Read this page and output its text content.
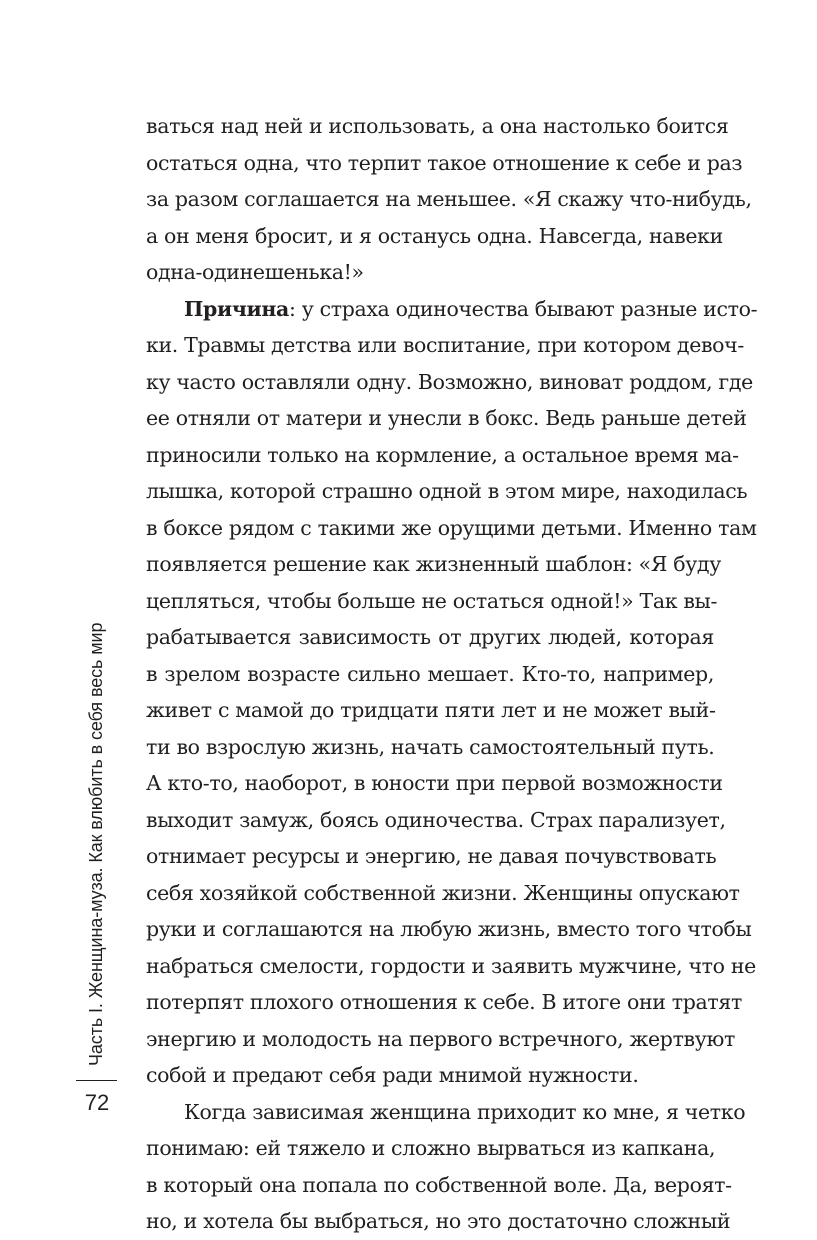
ваться над ней и использовать, а она настолько боится
остаться одна, что терпит такое отношение к себе и раз
за разом соглашается на меньшее. «Я скажу что-нибудь,
а он меня бросит, и я останусь одна. Навсегда, навеки
одна-одинешенька!»
Причина: у страха одиночества бывают разные исто-
ки. Травмы детства или воспитание, при котором девоч-
ку часто оставляли одну. Возможно, виноват роддом, где
ее отняли от матери и унесли в бокс. Ведь раньше детей
приносили только на кормление, а остальное время ма-
лышка, которой страшно одной в этом мире, находилась
в боксе рядом с такими же орущими детьми. Именно там
появляется решение как жизненный шаблон: «Я буду
цепляться, чтобы больше не остаться одной!» Так вы-
рабатывается зависимость от других людей, которая
в зрелом возрасте сильно мешает. Кто-то, например,
живет с мамой до тридцати пяти лет и не может вый-
ти во взрослую жизнь, начать самостоятельный путь.
А кто-то, наоборот, в юности при первой возможности
выходит замуж, боясь одиночества. Страх парализует,
отнимает ресурсы и энергию, не давая почувствовать
себя хозяйкой собственной жизни. Женщины опускают
руки и соглашаются на любую жизнь, вместо того чтобы
набраться смелости, гордости и заявить мужчине, что не
потерпят плохого отношения к себе. В итоге они тратят
энергию и молодость на первого встречного, жертвуют
собой и предают себя ради мнимой нужности.
Когда зависимая женщина приходит ко мне, я четко
понимаю: ей тяжело и сложно вырваться из капкана,
в который она попала по собственной воле. Да, вероят-
но, и хотела бы выбраться, но это достаточно сложный
Часть I. Женщина-муза. Как влюбить в себя весь мир
72
